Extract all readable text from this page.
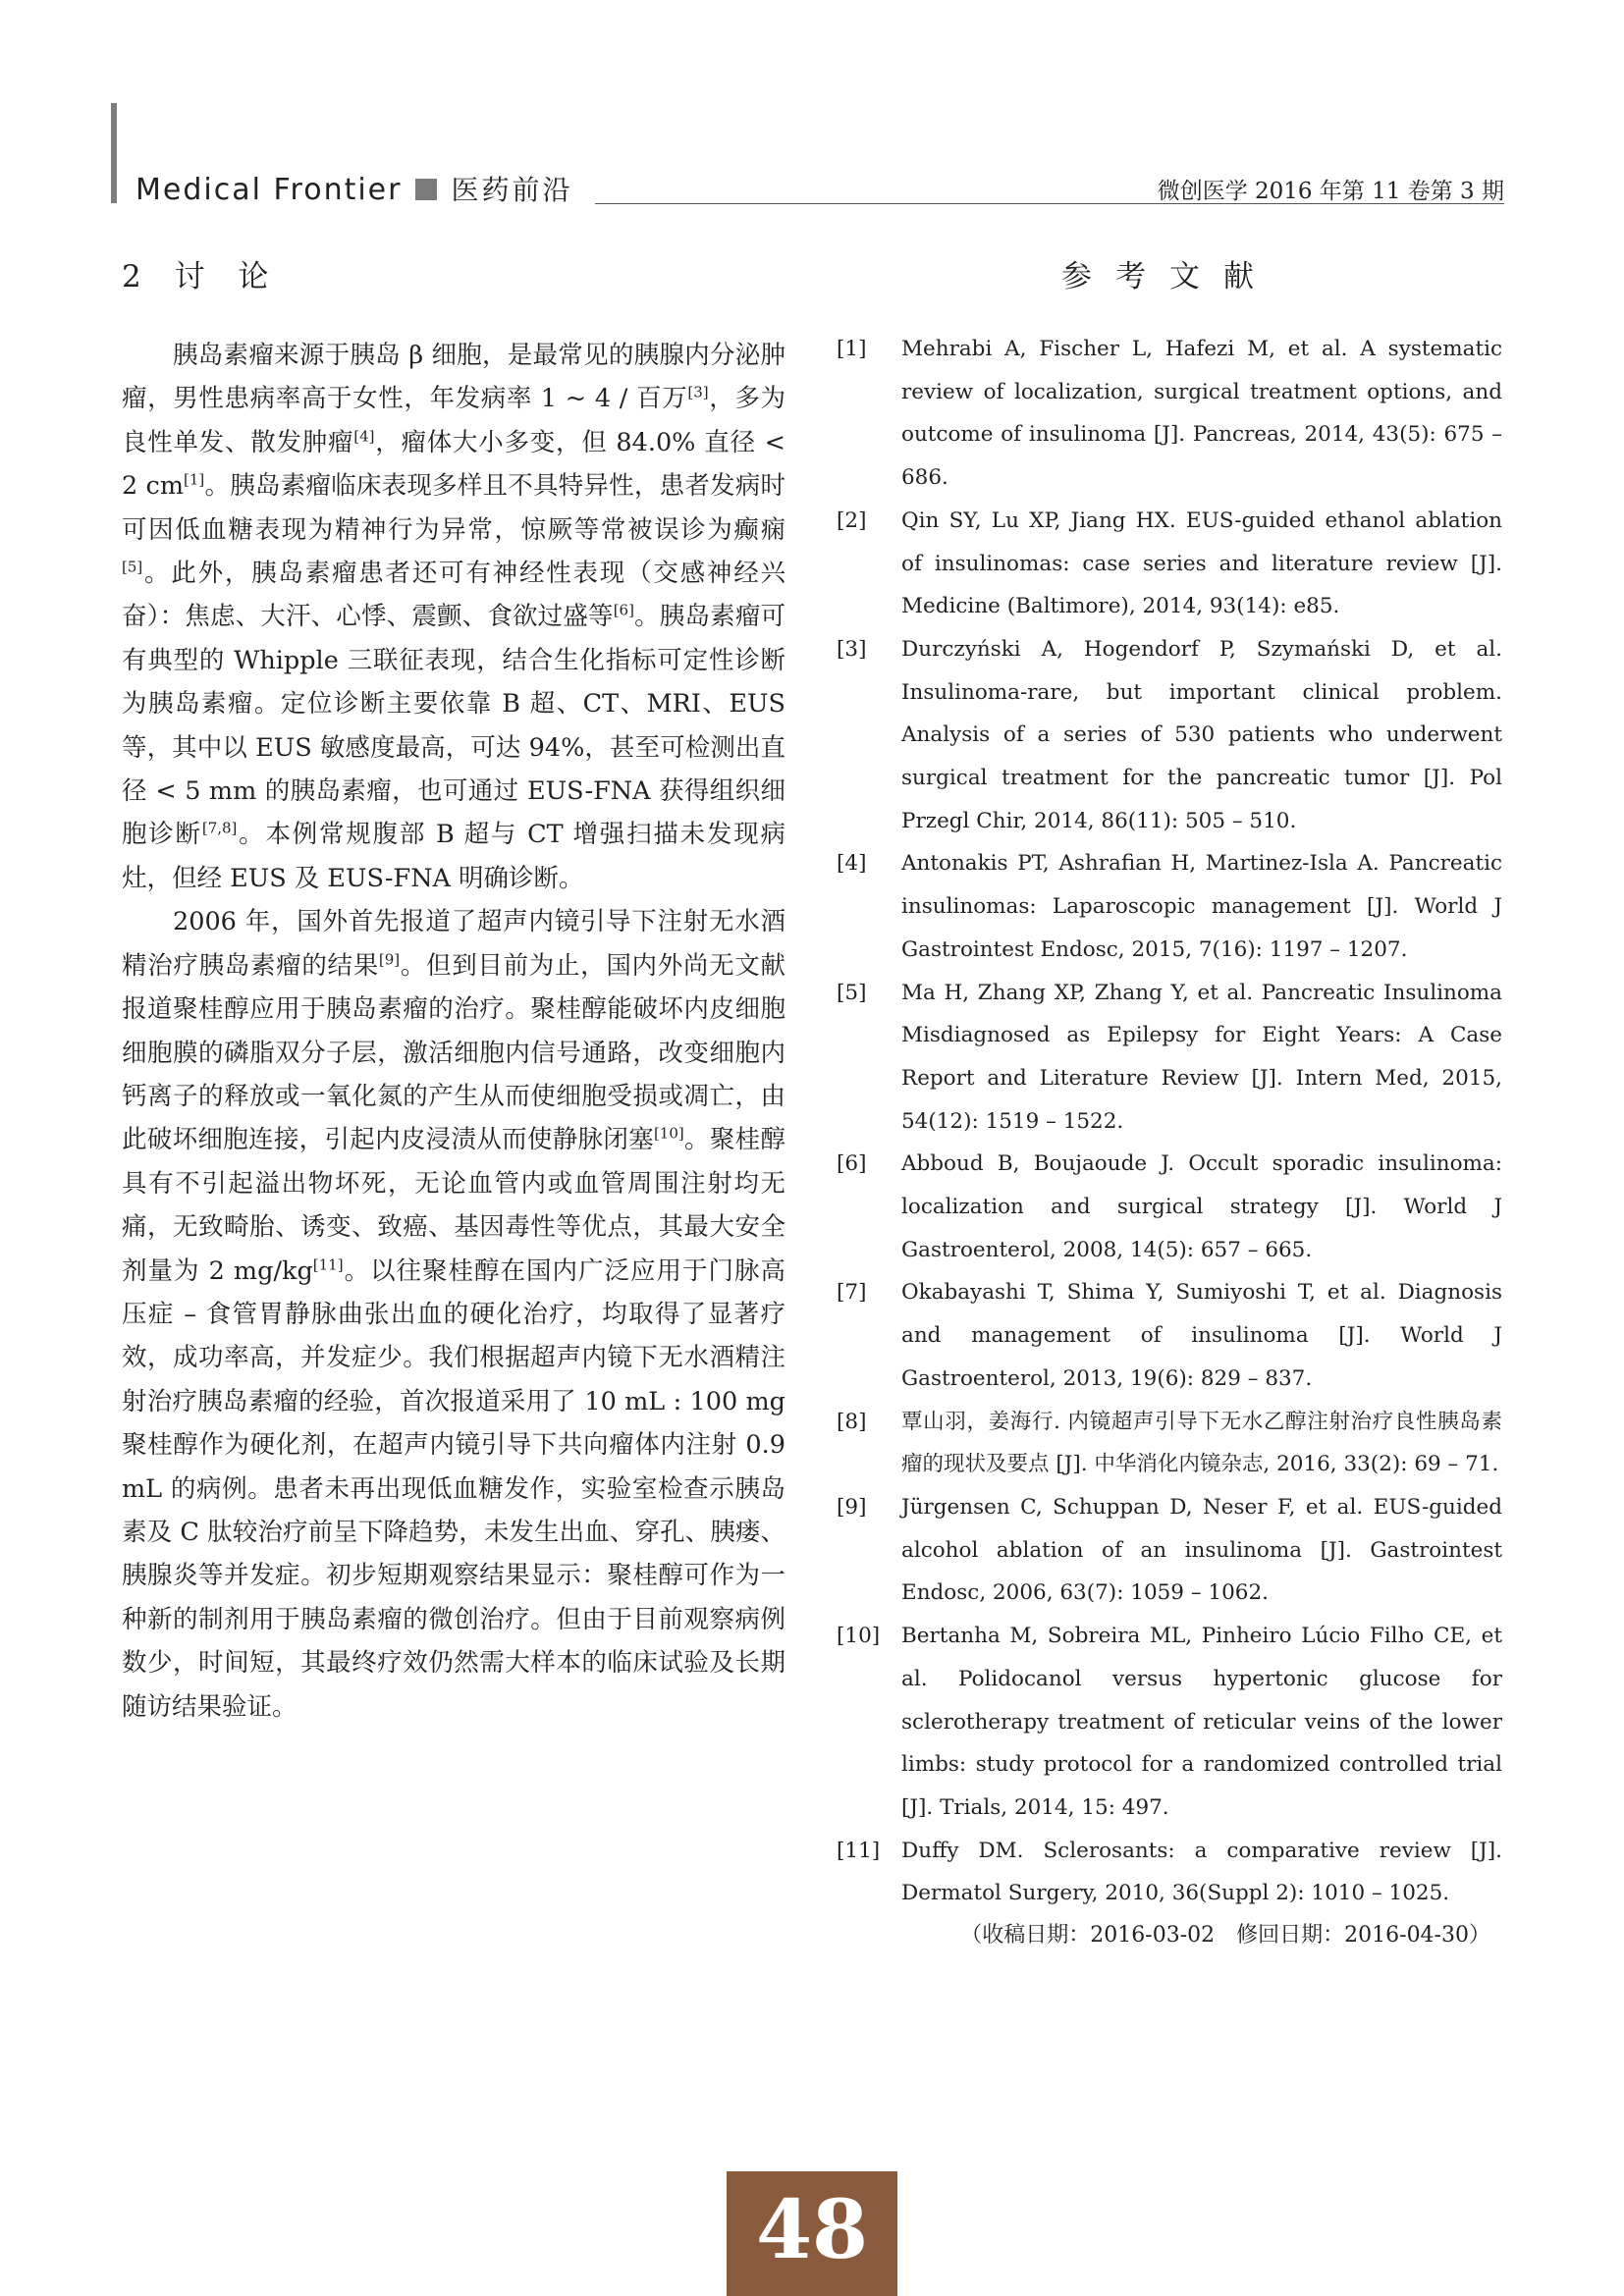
Medical Frontier 医药前沿	微创医学 2016 年第 11 卷第 3 期
2 讨 论

胰岛素瘤来源于胰岛 β 细胞，是最常见的胰腺内分泌肿瘤，男性患病率高于女性，年发病率 1 ~ 4 / 百万[3]，多为良性单发、散发肿瘤[4]，瘤体大小多变，但 84.0% 直径 < 2 cm[1]。胰岛素瘤临床表现多样且不具特异性，患者发病时可因低血糖表现为精神行为异常，惊厥等常被误诊为癫痫[5]。此外，胰岛素瘤患者还可有神经性表现（交感神经兴奋）：焦虑、大汗、心悸、震颤、食欲过盛等[6]。胰岛素瘤可有典型的 Whipple 三联征表现，结合生化指标可定性诊断为胰岛素瘤。定位诊断主要依靠 B 超、CT、MRI、EUS 等，其中以 EUS 敏感度最高，可达 94%，甚至可检测出直径 < 5 mm 的胰岛素瘤，也可通过 EUS-FNA 获得组织细胞诊断[7,8]。本例常规腹部 B 超与 CT 增强扫描未发现病灶，但经 EUS 及 EUS-FNA 明确诊断。

2006 年，国外首先报道了超声内镜引导下注射无水酒精治疗胰岛素瘤的结果[9]。但到目前为止，国内外尚无文献报道聚桂醇应用于胰岛素瘤的治疗。聚桂醇能破坏内皮细胞细胞膜的磷脂双分子层，激活细胞内信号通路，改变细胞内钙离子的释放或一氧化氮的产生从而使细胞受损或凋亡，由此破坏细胞连接，引起内皮浸渍从而使静脉闭塞[10]。聚桂醇具有不引起溢出物坏死，无论血管内或血管周围注射均无痛，无致畸胎、诱变、致癌、基因毒性等优点，其最大安全剂量为 2 mg/kg[11]。以往聚桂醇在国内广泛应用于门脉高压症 – 食管胃静脉曲张出血的硬化治疗，均取得了显著疗效，成功率高，并发症少。我们根据超声内镜下无水酒精注射治疗胰岛素瘤的经验，首次报道采用了 10 mL : 100 mg 聚桂醇作为硬化剂，在超声内镜引导下共向瘤体内注射 0.9 mL 的病例。患者未再出现低血糖发作，实验室检查示胰岛素及 C 肽较治疗前呈下降趋势，未发生出血、穿孔、胰瘘、胰腺炎等并发症。初步短期观察结果显示：聚桂醇可作为一种新的制剂用于胰岛素瘤的微创治疗。但由于目前观察病例数少，时间短，其最终疗效仍然需大样本的临床试验及长期随访结果验证。

参考文献
[1] Mehrabi A, Fischer L, Hafezi M, et al. A systematic review of localization, surgical treatment options, and outcome of insulinoma [J]. Pancreas, 2014, 43(5): 675 – 686.
[2] Qin SY, Lu XP, Jiang HX. EUS-guided ethanol ablation of insulinomas: case series and literature review [J]. Medicine (Baltimore), 2014, 93(14): e85.
[3] Durczyński A, Hogendorf P, Szymański D, et al. Insulinoma-rare, but important clinical problem. Analysis of a series of 530 patients who underwent surgical treatment for the pancreatic tumor [J]. Pol Przegl Chir, 2014, 86(11): 505 – 510.
[4] Antonakis PT, Ashrafian H, Martinez-Isla A. Pancreatic insulinomas: Laparoscopic management [J]. World J Gastrointest Endosc, 2015, 7(16): 1197 – 1207.
[5] Ma H, Zhang XP, Zhang Y, et al. Pancreatic Insulinoma Misdiagnosed as Epilepsy for Eight Years: A Case Report and Literature Review [J]. Intern Med, 2015, 54(12): 1519 – 1522.
[6] Abboud B, Boujaoude J. Occult sporadic insulinoma: localization and surgical strategy [J]. World J Gastroenterol, 2008, 14(5): 657 – 665.
[7] Okabayashi T, Shima Y, Sumiyoshi T, et al. Diagnosis and management of insulinoma [J]. World J Gastroenterol, 2013, 19(6): 829 – 837.
[8] 覃山羽，姜海行. 内镜超声引导下无水乙醇注射治疗良性胰岛素瘤的现状及要点 [J]. 中华消化内镜杂志, 2016, 33(2): 69 – 71.
[9] Jürgensen C, Schuppan D, Neser F, et al. EUS-guided alcohol ablation of an insulinoma [J]. Gastrointest Endosc, 2006, 63(7): 1059 – 1062.
[10] Bertanha M, Sobreira ML, Pinheiro Lúcio Filho CE, et al. Polidocanol versus hypertonic glucose for sclerotherapy treatment of reticular veins of the lower limbs: study protocol for a randomized controlled trial [J]. Trials, 2014, 15: 497.
[11] Duffy DM. Sclerosants: a comparative review [J]. Dermatol Surgery, 2010, 36(Suppl 2): 1010 – 1025.
（收稿日期：2016-03-02　修回日期：2016-04-30）
48
